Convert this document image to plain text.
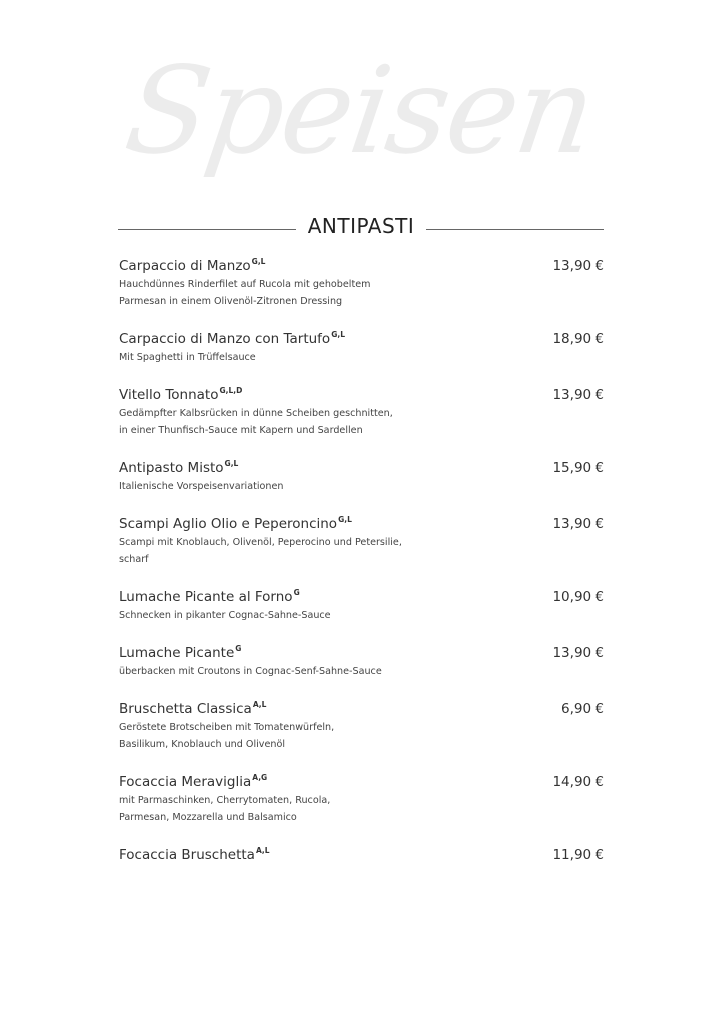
Speisen
ANTIPASTI
Carpaccio di Manzo$^{G,L}$	13,90 €
Hauchdünnes Rinderfilet auf Rucola mit gehobeltem
Parmesan in einem Olivenöl-Zitronen Dressing
Carpaccio di Manzo con Tartufo$^{G,L}$	18,90 €
Mit Spaghetti in Trüffelsauce
Vitello Tonnato$^{G,L,D}$	13,90 €
Gedämpfter Kalbsrücken in dünne Scheiben geschnitten,
in einer Thunfisch-Sauce mit Kapern und Sardellen
Antipasto Misto$^{G,L}$	15,90 €
Italienische Vorspeisenvariationen
Scampi Aglio Olio e Peperoncino$^{G,L}$	13,90 €
Scampi mit Knoblauch, Olivenöl, Peperocino und Petersilie,
scharf
Lumache Picante al Forno$^G$	10,90 €
Schnecken in pikanter Cognac-Sahne-Sauce
Lumache Picante$^G$	13,90 €
überbacken mit Croutons in Cognac-Senf-Sahne-Sauce
Bruschetta Classica$^{A,L}$	6,90 €
Geröstete Brotscheiben mit Tomatenwürfeln,
Basilikum, Knoblauch und Olivenöl
Focaccia Meraviglia$^{A,G}$	14,90 €
mit Parmaschinken, Cherrytomaten, Rucola,
Parmesan, Mozzarella und Balsamico
Focaccia Bruschetta$^{A,L}$	11,90 €
